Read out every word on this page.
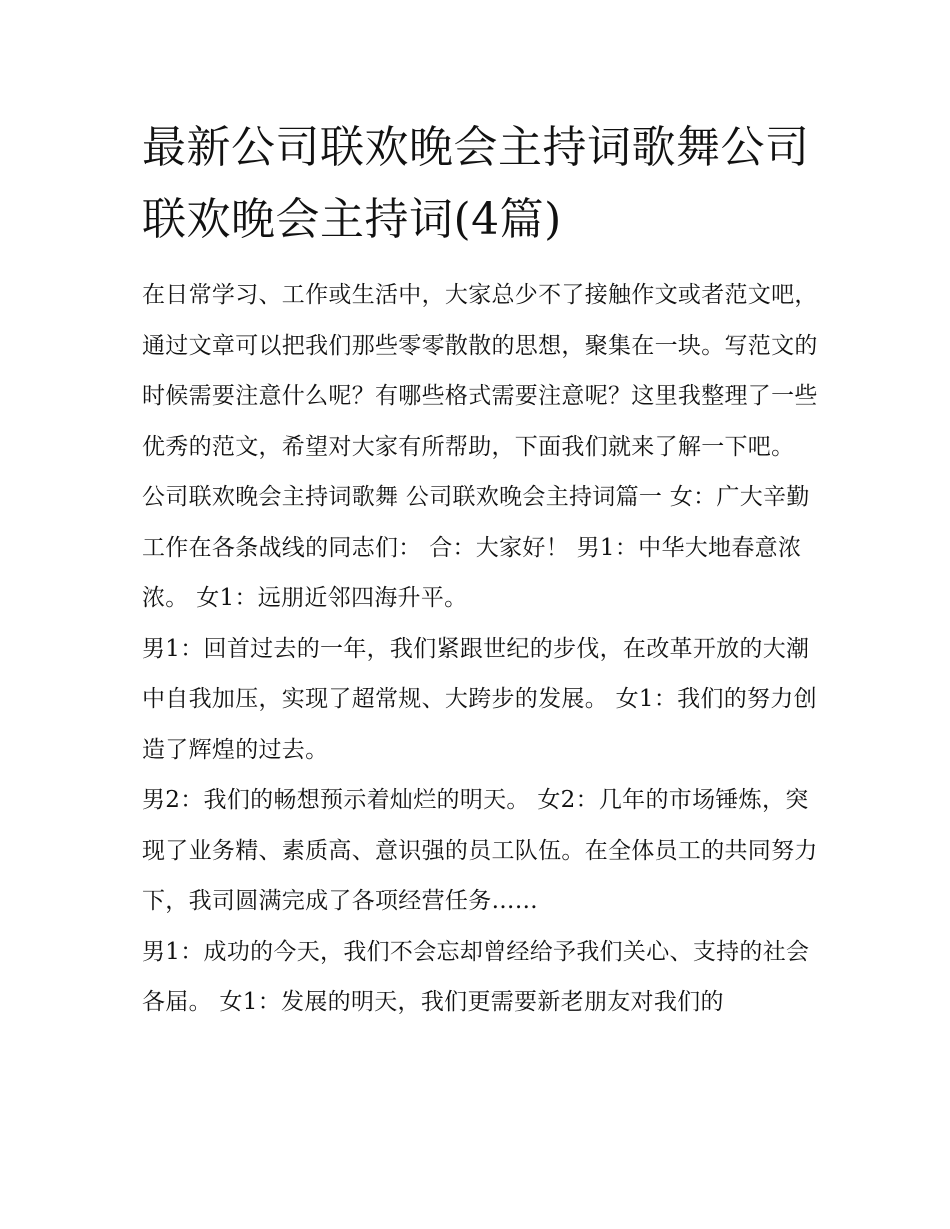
最新公司联欢晚会主持词歌舞公司联欢晚会主持词(4篇)

在日常学习、工作或生活中，大家总少不了接触作文或者范文吧，通过文章可以把我们那些零零散散的思想，聚集在一块。写范文的时候需要注意什么呢？有哪些格式需要注意呢？这里我整理了一些优秀的范文，希望对大家有所帮助，下面我们就来了解一下吧。

公司联欢晚会主持词歌舞 公司联欢晚会主持词篇一 女：广大辛勤工作在各条战线的同志们： 合：大家好！ 男1：中华大地春意浓浓。 女1：远朋近邻四海升平。

男1：回首过去的一年，我们紧跟世纪的步伐，在改革开放的大潮中自我加压，实现了超常规、大跨步的发展。 女1：我们的努力创造了辉煌的过去。

男2：我们的畅想预示着灿烂的明天。 女2：几年的市场锤炼，突现了业务精、素质高、意识强的员工队伍。在全体员工的共同努力下，我司圆满完成了各项经营任务……

男1：成功的今天，我们不会忘却曾经给予我们关心、支持的社会各届。 女1：发展的明天，我们更需要新老朋友对我们的
